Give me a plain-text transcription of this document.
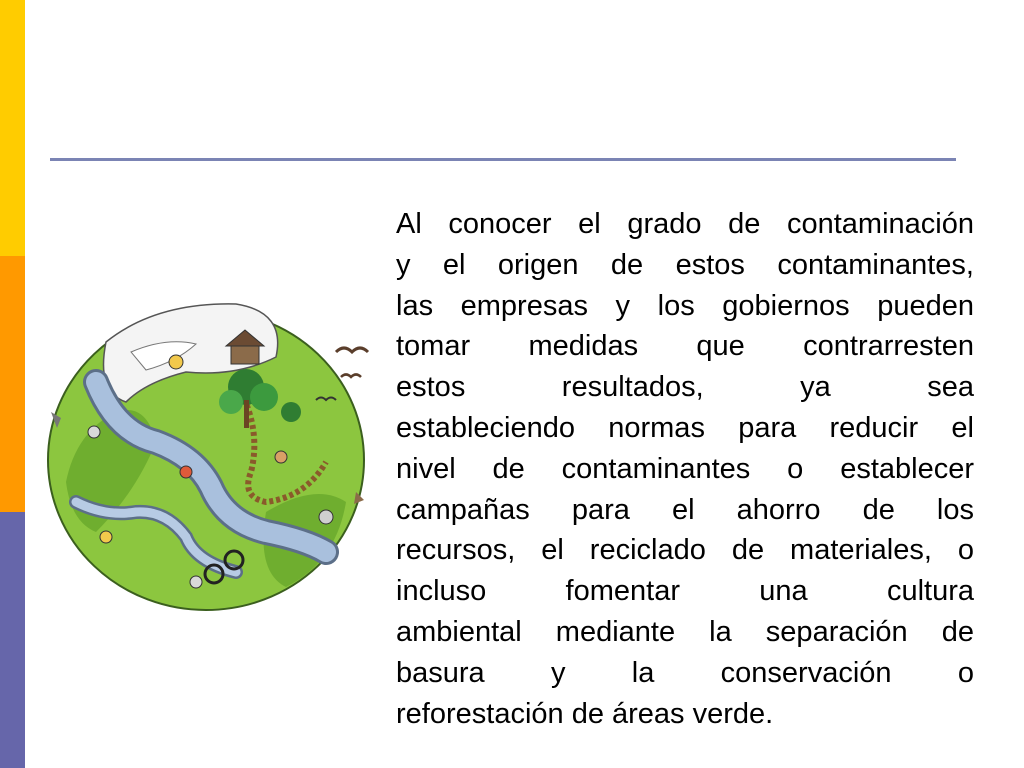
Al conocer el grado de contaminación
y el origen de estos contaminantes,
las empresas y los gobiernos pueden
tomar medidas que contrarresten
estos resultados, ya sea
estableciendo normas para reducir el
nivel de contaminantes o establecer
campañas para el ahorro de los
recursos, el reciclado de materiales, o
incluso fomentar una cultura
ambiental mediante la separación de
basura y la conservación o
reforestación de áreas verde.
